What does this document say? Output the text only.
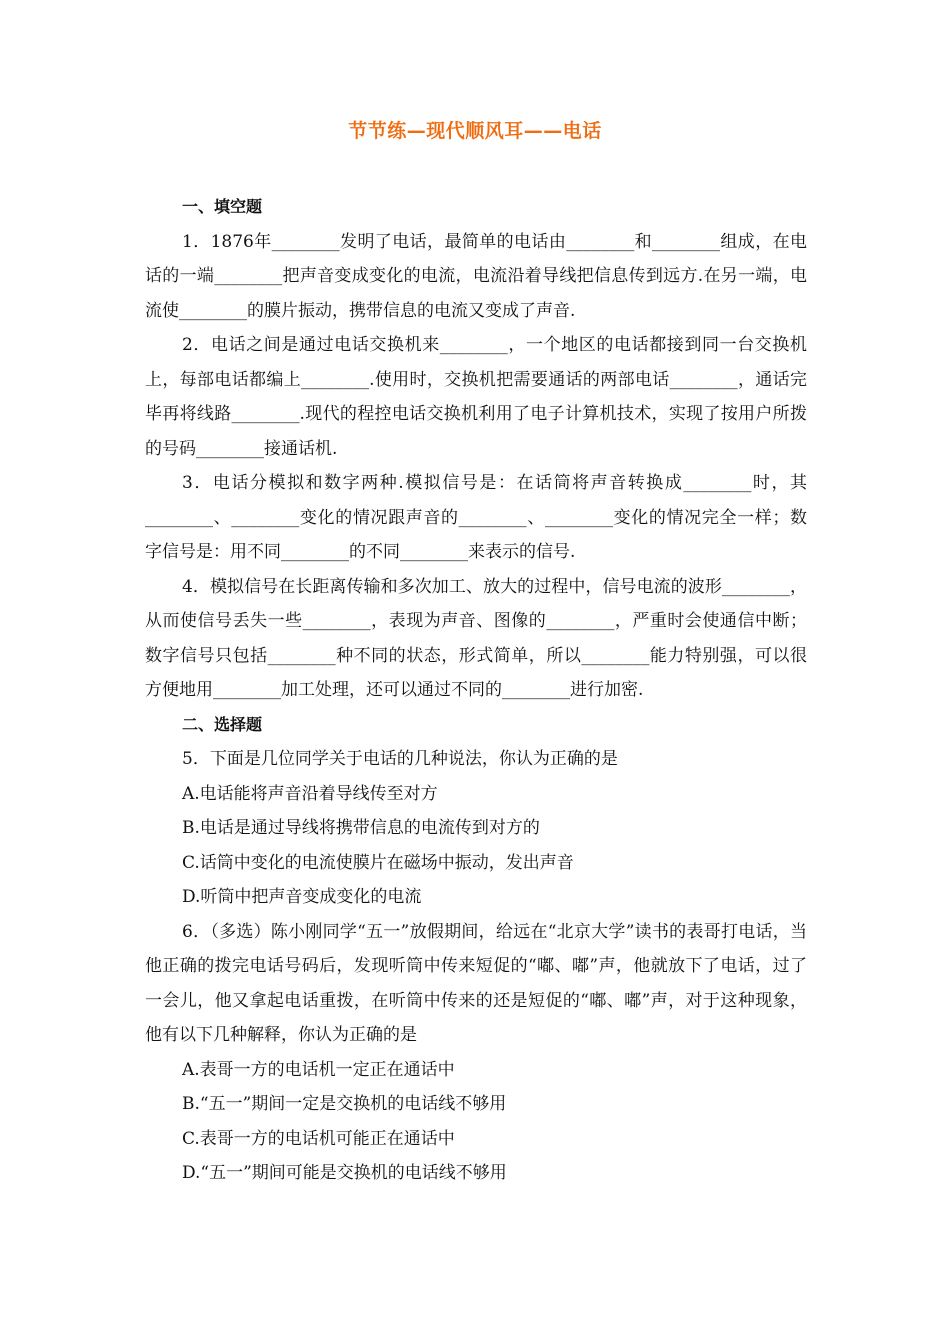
节节练—现代顺风耳——电话

一、填空题

1．1876年________发明了电话，最简单的电话由________和________组成，在电话的一端________把声音变成变化的电流，电流沿着导线把信息传到远方.在另一端，电流使________的膜片振动，携带信息的电流又变成了声音.

2．电话之间是通过电话交换机来________，一个地区的电话都接到同一台交换机上，每部电话都编上________.使用时，交换机把需要通话的两部电话________，通话完毕再将线路________.现代的程控电话交换机利用了电子计算机技术，实现了按用户所拨的号码________接通话机.

3．电话分模拟和数字两种.模拟信号是：在话筒将声音转换成________时，其________、________变化的情况跟声音的________、________变化的情况完全一样；数字信号是：用不同________的不同________来表示的信号.

4．模拟信号在长距离传输和多次加工、放大的过程中，信号电流的波形________，从而使信号丢失一些________，表现为声音、图像的________，严重时会使通信中断；数字信号只包括________种不同的状态，形式简单，所以________能力特别强，可以很方便地用________加工处理，还可以通过不同的________进行加密.

二、选择题

5．下面是几位同学关于电话的几种说法，你认为正确的是

A.电话能将声音沿着导线传至对方

B.电话是通过导线将携带信息的电流传到对方的

C.话筒中变化的电流使膜片在磁场中振动，发出声音

D.听筒中把声音变成变化的电流

6．（多选）陈小刚同学“五一”放假期间，给远在“北京大学”读书的表哥打电话，当他正确的拨完电话号码后，发现听筒中传来短促的“嘟、嘟”声，他就放下了电话，过了一会儿，他又拿起电话重拨，在听筒中传来的还是短促的“嘟、嘟”声，对于这种现象，他有以下几种解释，你认为正确的是

A.表哥一方的电话机一定正在通话中

B.“五一”期间一定是交换机的电话线不够用

C.表哥一方的电话机可能正在通话中

D.“五一”期间可能是交换机的电话线不够用
